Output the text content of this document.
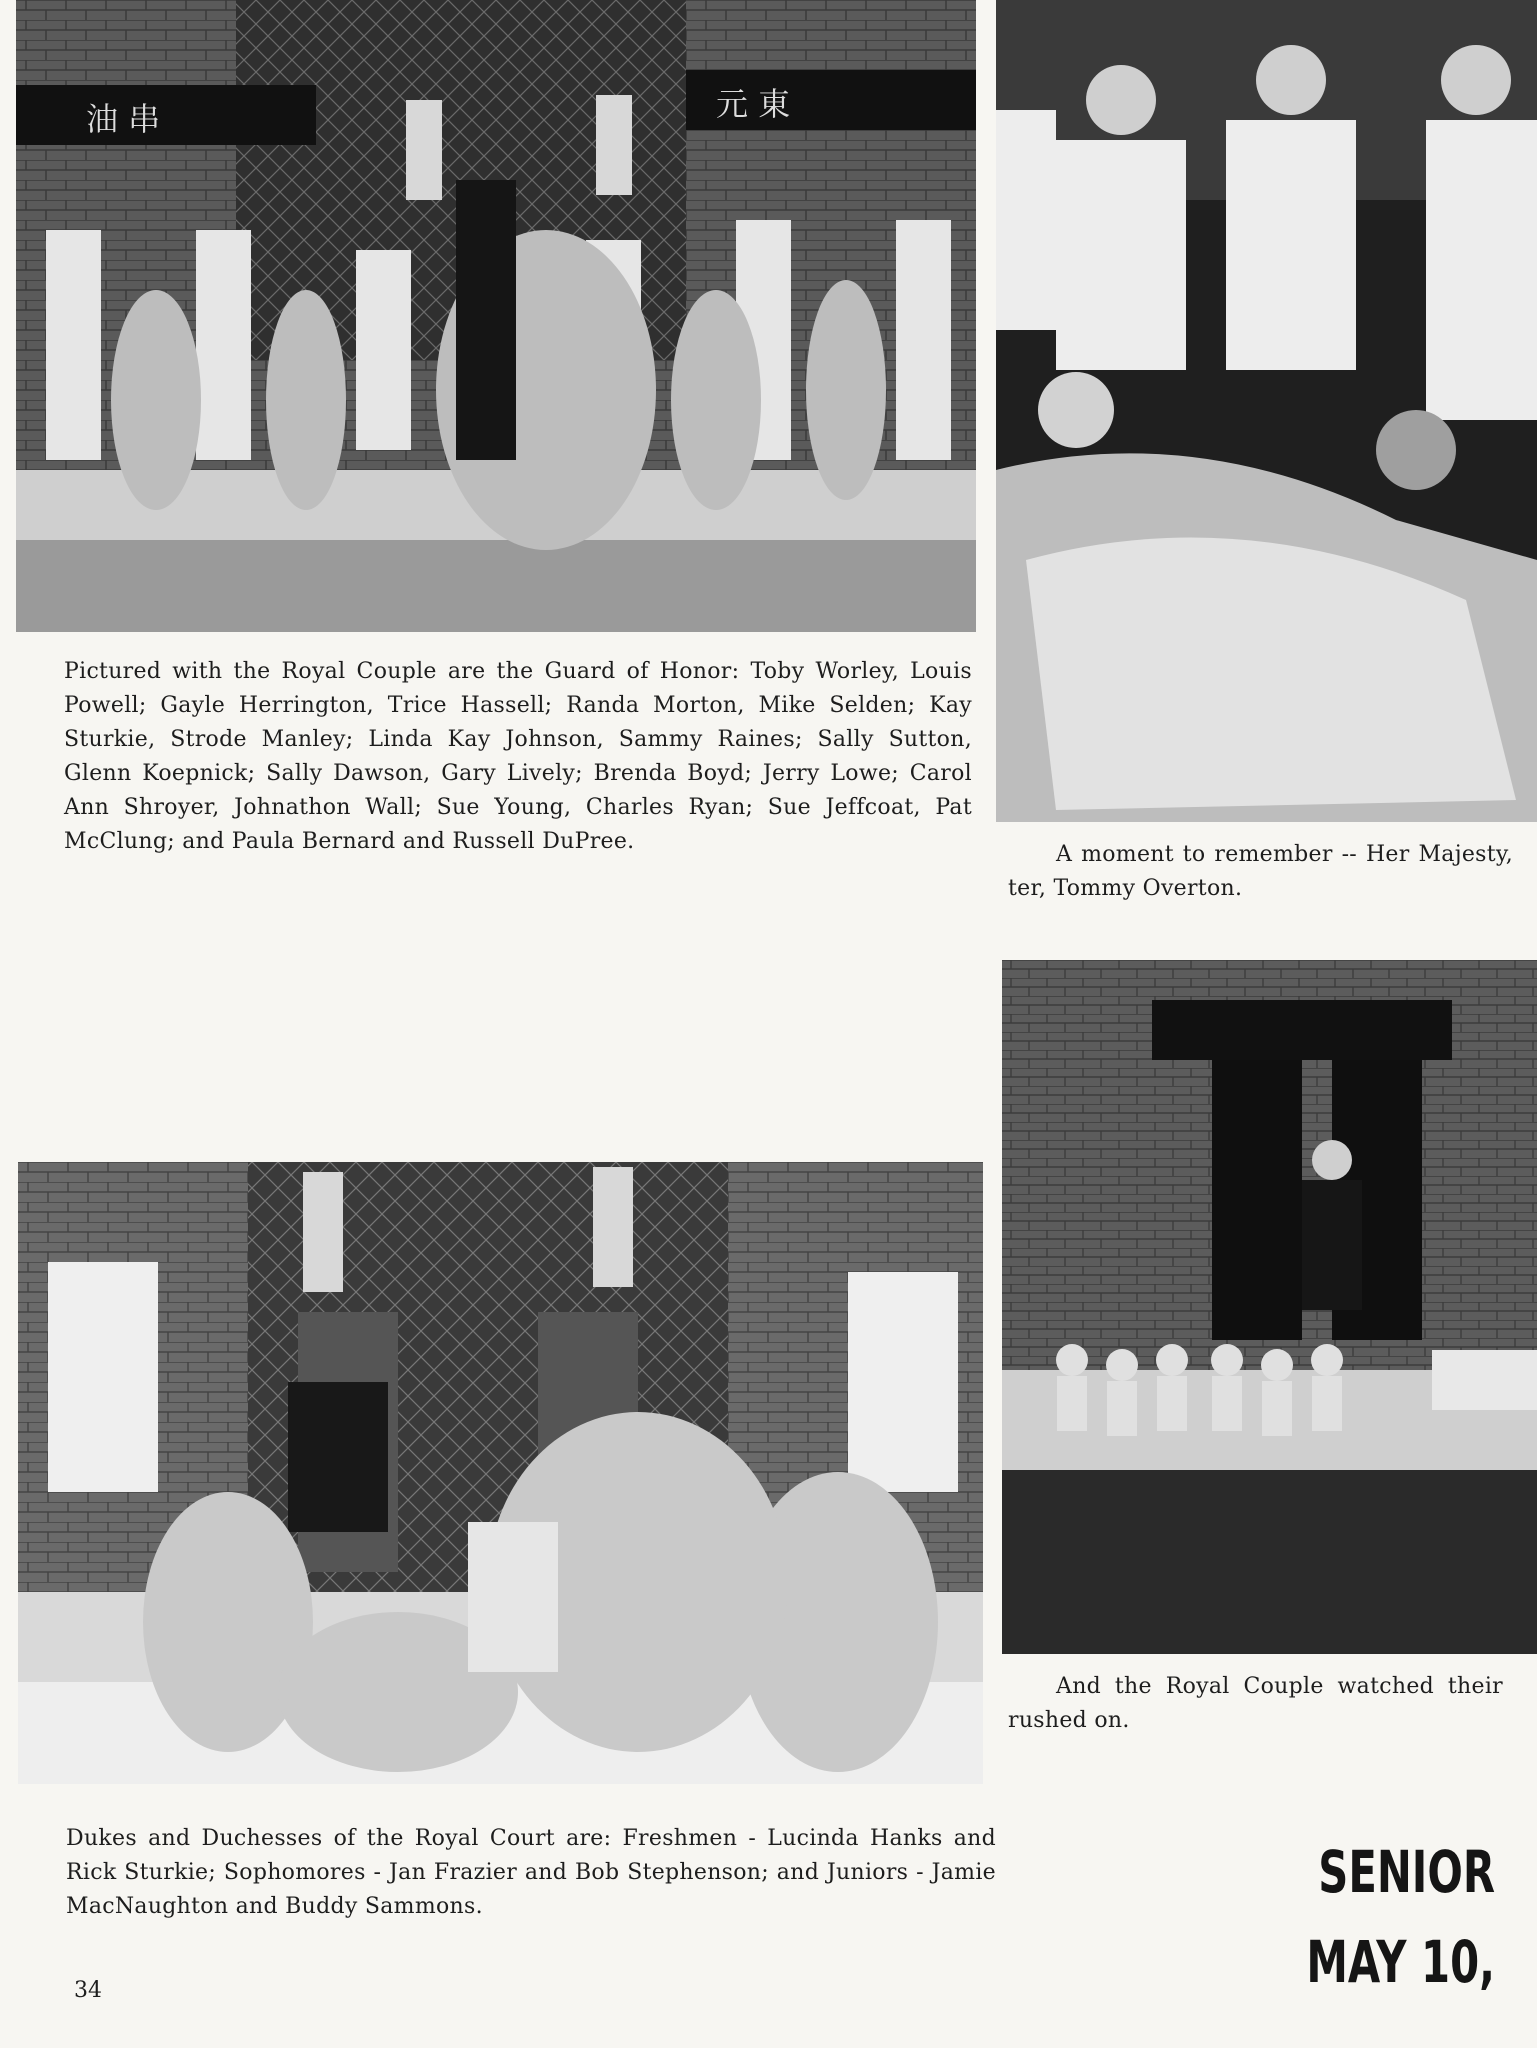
油 串	元 東
Pictured with the Royal Couple are the Guard of Honor: Toby Worley, Louis Powell; Gayle Herrington, Trice Hassell; Randa Morton, Mike Selden; Kay Sturkie, Strode Manley; Linda Kay Johnson, Sammy Raines; Sally Sutton, Glenn Koepnick; Sally Dawson, Gary Lively; Brenda Boyd; Jerry Lowe; Carol Ann Shroyer, Johnathon Wall; Sue Young, Charles Ryan; Sue Jeffcoat, Pat McClung; and Paula Bernard and Russell DuPree.
A moment to remember -- Her Majesty, ter, Tommy Overton.
Dukes and Duchesses of the Royal Court are: Freshmen - Lucinda Hanks and Rick Sturkie; Sophomores - Jan Frazier and Bob Stephenson; and Juniors - Jamie MacNaughton and Buddy Sammons.
And the Royal Couple watched their rushed on.
SENIOR
MAY 10,
34
